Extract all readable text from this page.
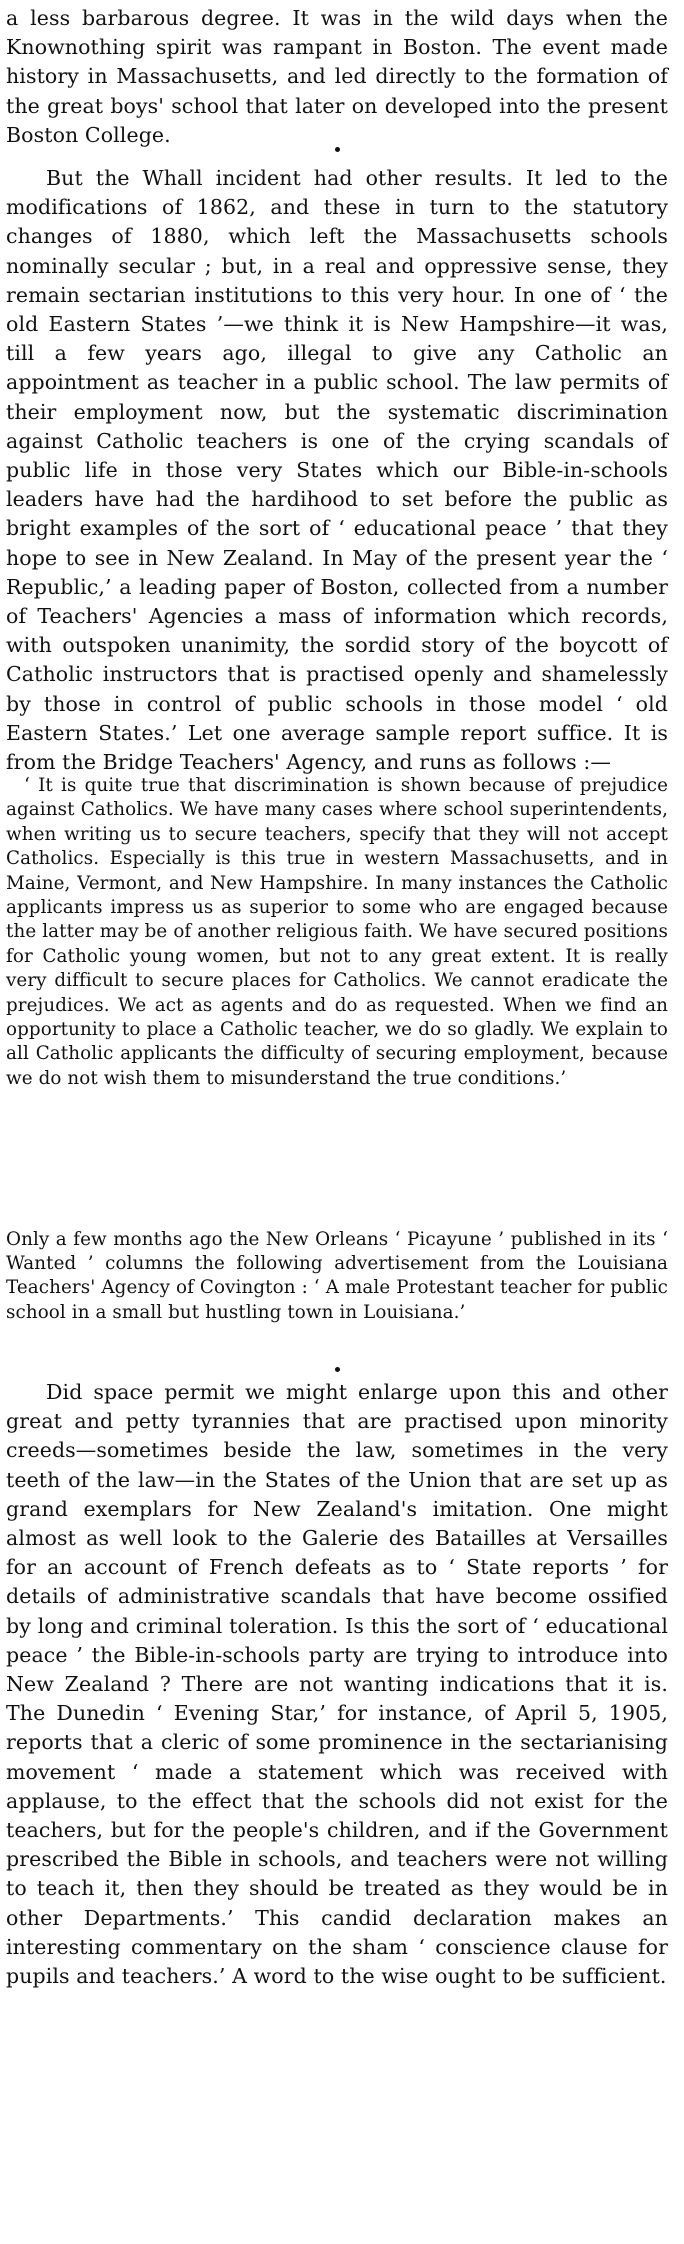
a less barbarous degree. It was in the wild days when the Knownothing spirit was rampant in Boston. The event made history in Massachusetts, and led directly to the formation of the great boys' school that later on developed into the present Boston College.

But the Whall incident had other results. It led to the modifications of 1862, and these in turn to the statutory changes of 1880, which left the Massachusetts schools nominally secular ; but, in a real and oppressive sense, they remain sectarian institutions to this very hour. In one of ‘ the old Eastern States ’—we think it is New Hampshire—it was, till a few years ago, illegal to give any Catholic an appointment as teacher in a public school. The law permits of their employment now, but the systematic discrimination against Catholic teachers is one of the crying scandals of public life in those very States which our Bible-in-schools leaders have had the hardihood to set before the public as bright examples of the sort of ‘ educational peace ’ that they hope to see in New Zealand. In May of the present year the ‘ Republic,’ a leading paper of Boston, collected from a number of Teachers' Agencies a mass of information which records, with outspoken unanimity, the sordid story of the boycott of Catholic instructors that is practised openly and shamelessly by those in control of public schools in those model ‘ old Eastern States.’ Let one average sample report suffice. It is from the Bridge Teachers' Agency, and runs as follows :—

‘ It is quite true that discrimination is shown because of prejudice against Catholics. We have many cases where school superintendents, when writing us to secure teachers, specify that they will not accept Catholics. Especially is this true in western Massachusetts, and in Maine, Vermont, and New Hampshire. In many instances the Catholic applicants impress us as superior to some who are engaged because the latter may be of another religious faith. We have secured positions for Catholic young women, but not to any great extent. It is really very difficult to secure places for Catholics. We cannot eradicate the prejudices. We act as agents and do as requested. When we find an opportunity to place a Catholic teacher, we do so gladly. We explain to all Catholic applicants the difficulty of securing employment, because we do not wish them to misunderstand the true conditions.’

Only a few months ago the New Orleans ‘ Picayune ’ published in its ‘ Wanted ’ columns the following advertisement from the Louisiana Teachers' Agency of Covington : ‘ A male Protestant teacher for public school in a small but hustling town in Louisiana.’

Did space permit we might enlarge upon this and other great and petty tyrannies that are practised upon minority creeds—sometimes beside the law, sometimes in the very teeth of the law—in the States of the Union that are set up as grand exemplars for New Zealand's imitation. One might almost as well look to the Galerie des Batailles at Versailles for an account of French defeats as to ‘ State reports ’ for details of administrative scandals that have become ossified by long and criminal toleration. Is this the sort of ‘ educational peace ’ the Bible-in-schools party are trying to introduce into New Zealand ? There are not wanting indications that it is. The Dunedin ‘ Evening Star,’ for instance, of April 5, 1905, reports that a cleric of some prominence in the sectarianising movement ‘ made a statement which was received with applause, to the effect that the schools did not exist for the teachers, but for the people's children, and if the Government prescribed the Bible in schools, and teachers were not willing to teach it, then they should be treated as they would be in other Departments.’ This candid declaration makes an interesting commentary on the sham ‘ conscience clause for pupils and teachers.’ A word to the wise ought to be sufficient.
